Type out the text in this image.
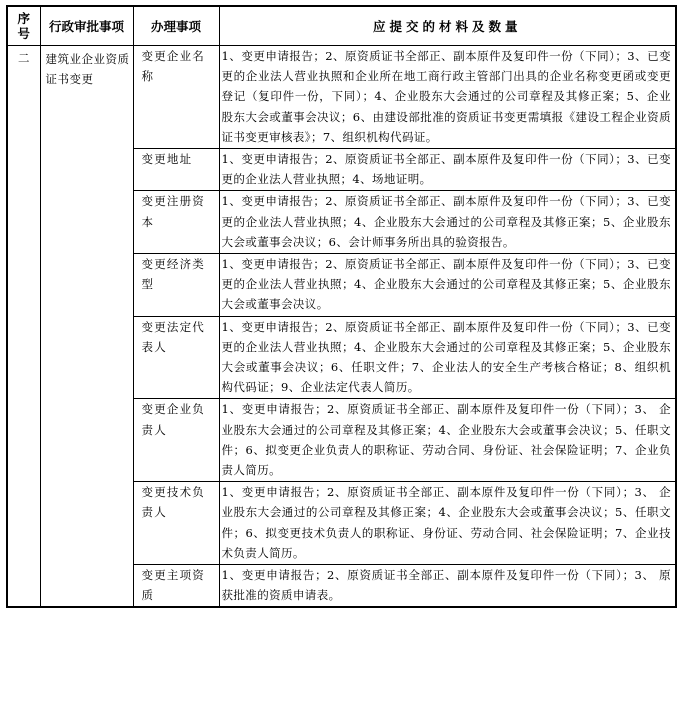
序号	行政审批事项	办理事项	应提交的材料及数量
二	建筑业企业资质证书变更	变更企业名称	1、变更申请报告；2、原资质证书全部正、副本原件及复印件一份（下同）；3、已变更的企业法人营业执照和企业所在地工商行政主管部门出具的企业名称变更函或变更登记（复印件一份，下同）；4、企业股东大会通过的公司章程及其修正案；5、企业股东大会或董事会决议；6、由建设部批准的资质证书变更需填报《建设工程企业资质证书变更审核表》；7、组织机构代码证。
		变更地址	1、变更申请报告；2、原资质证书全部正、副本原件及复印件一份（下同）；3、已变更的企业法人营业执照；4、场地证明。
		变更注册资本	1、变更申请报告；2、原资质证书全部正、副本原件及复印件一份（下同）；3、已变更的企业法人营业执照；4、企业股东大会通过的公司章程及其修正案；5、企业股东大会或董事会决议；6、会计师事务所出具的验资报告。
		变更经济类型	1、变更申请报告；2、原资质证书全部正、副本原件及复印件一份（下同）；3、已变更的企业法人营业执照；4、企业股东大会通过的公司章程及其修正案；5、企业股东大会或董事会决议。
		变更法定代表人	1、变更申请报告；2、原资质证书全部正、副本原件及复印件一份（下同）；3、已变更的企业法人营业执照；4、企业股东大会通过的公司章程及其修正案；5、企业股东大会或董事会决议；6、任职文件；7、企业法人的安全生产考核合格证；8、组织机构代码证；9、企业法定代表人简历。
		变更企业负责人	1、变更申请报告；2、原资质证书全部正、副本原件及复印件一份（下同）；3、 企业股东大会通过的公司章程及其修正案；4、企业股东大会或董事会决议；5、任职文件；6、拟变更企业负责人的职称证、劳动合同、身份证、社会保险证明；7、企业负责人简历。
		变更技术负责人	1、变更申请报告；2、原资质证书全部正、副本原件及复印件一份（下同）；3、 企业股东大会通过的公司章程及其修正案；4、企业股东大会或董事会决议；5、任职文件；6、拟变更技术负责人的职称证、身份证、劳动合同、社会保险证明；7、企业技术负责人简历。
		变更主项资质	1、变更申请报告；2、原资质证书全部正、副本原件及复印件一份（下同）；3、 原获批准的资质申请表。
